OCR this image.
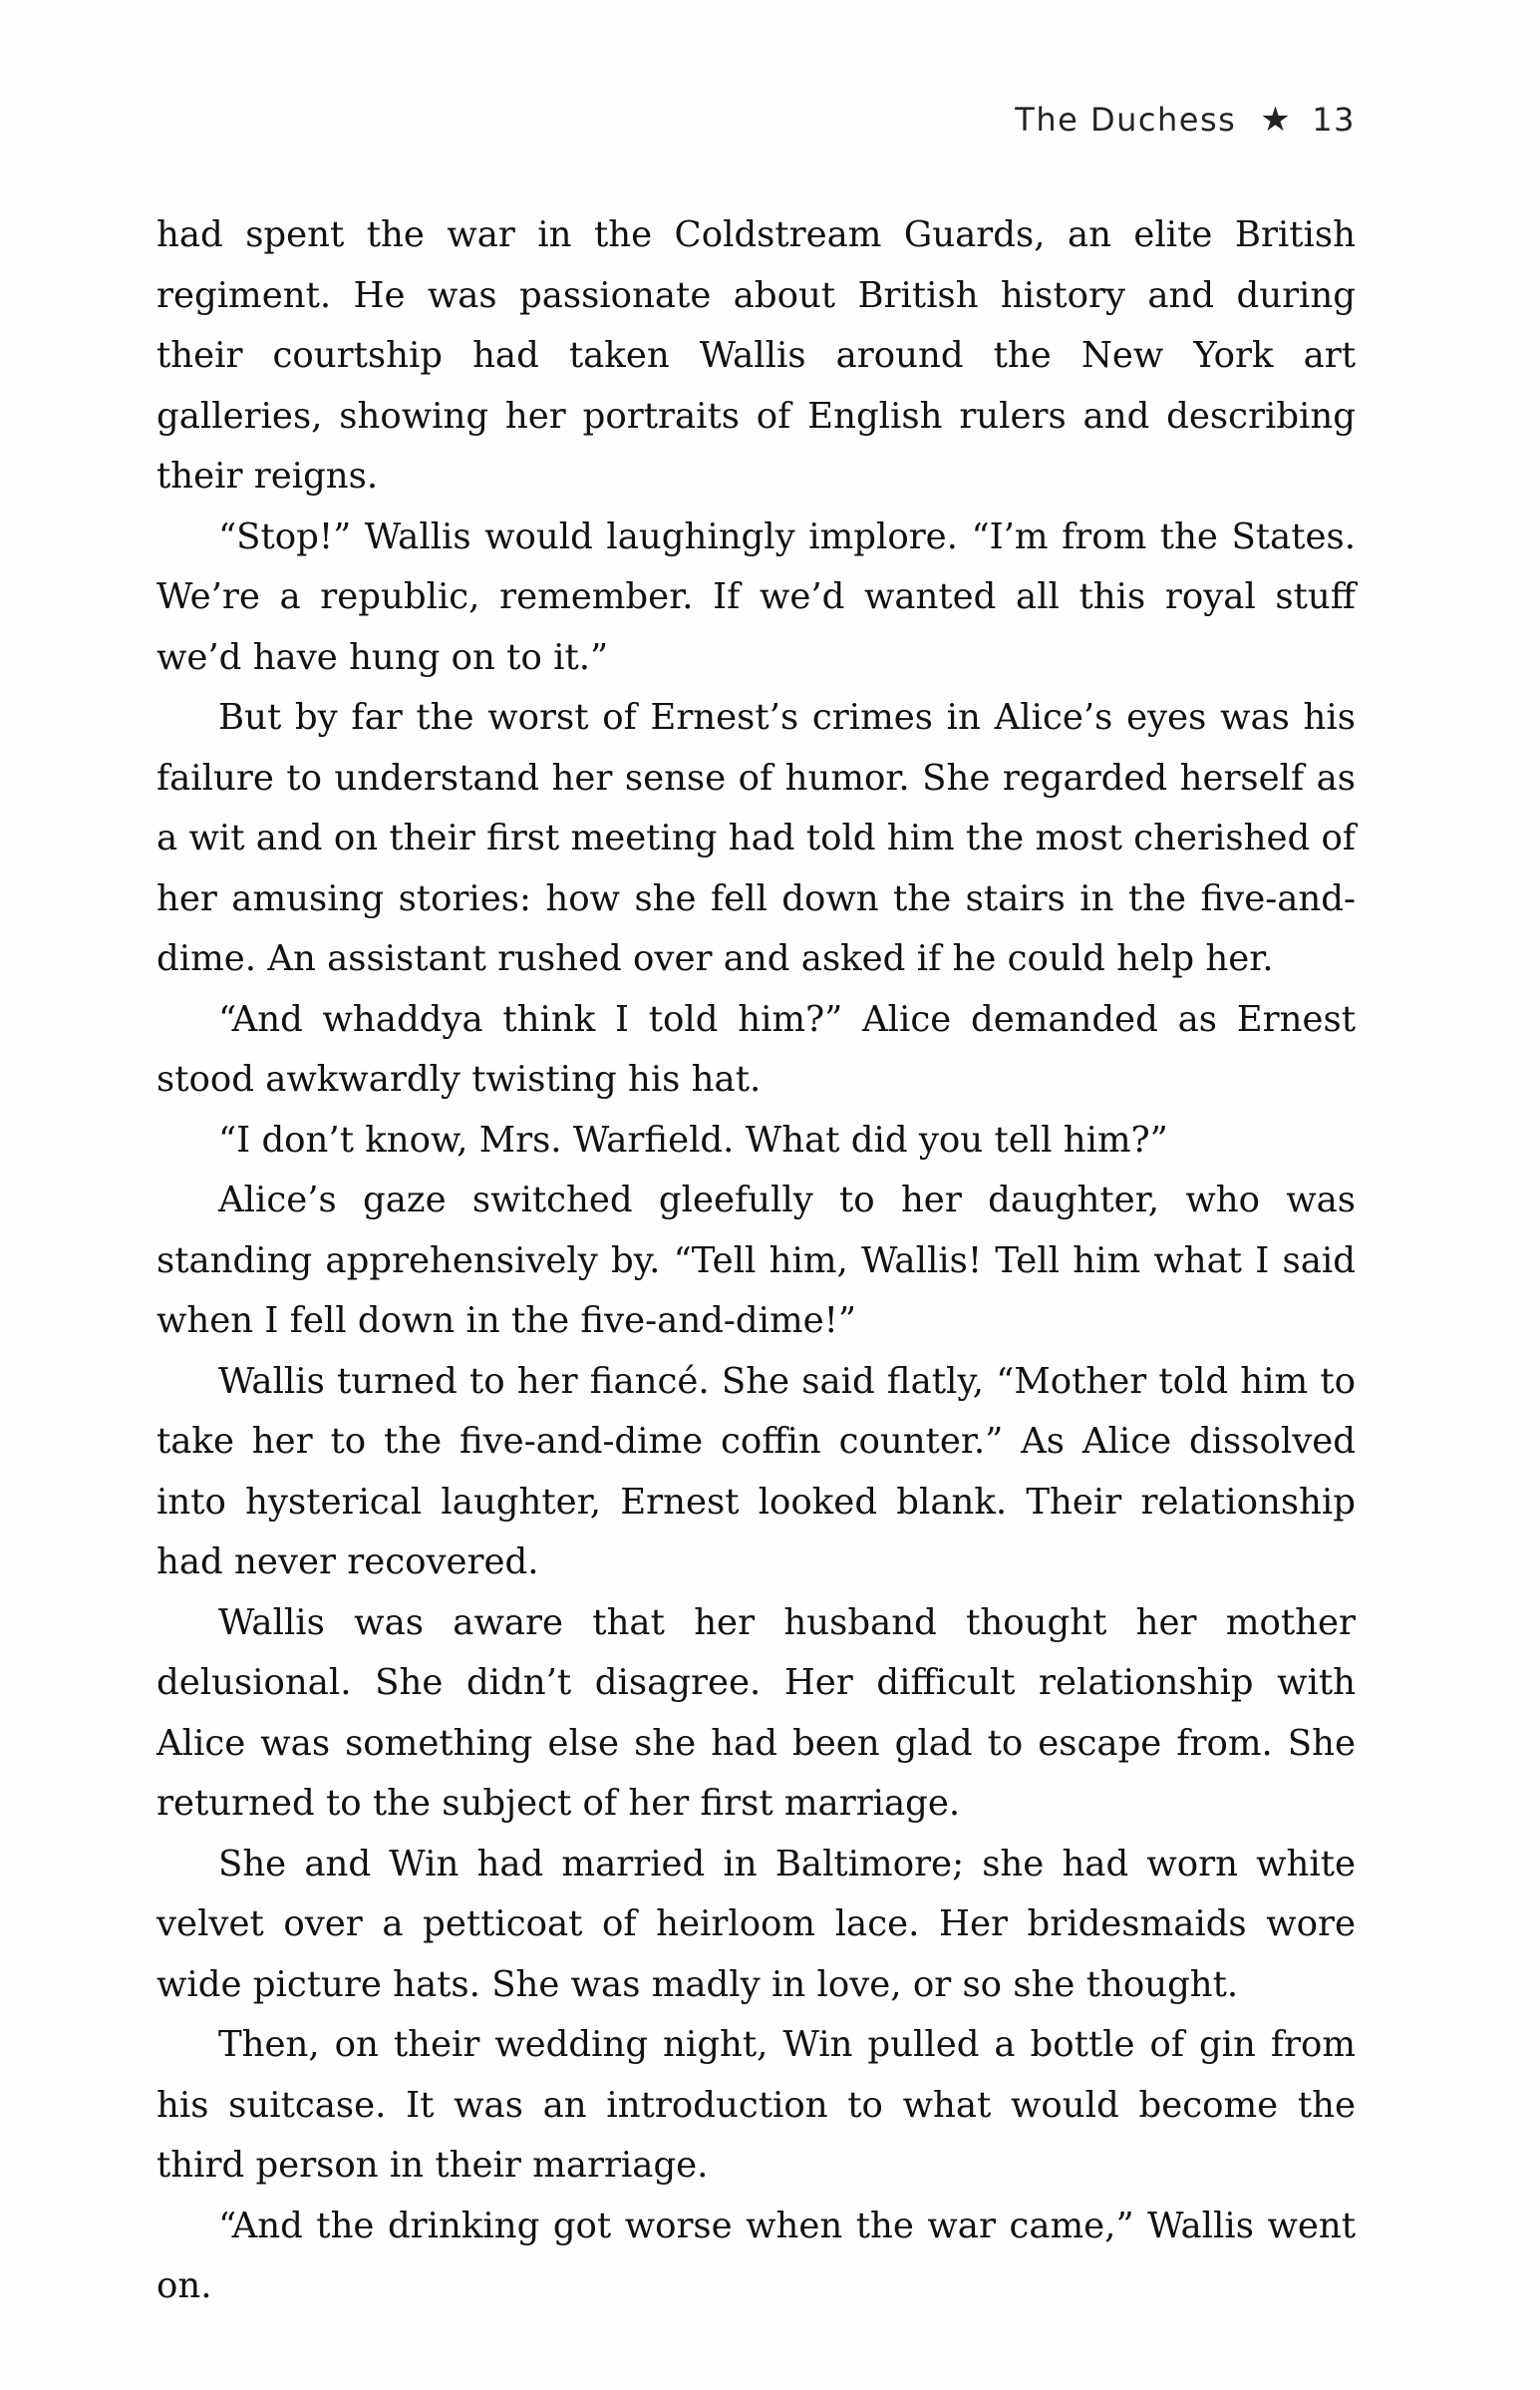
The Duchess ★ 13

had spent the war in the Coldstream Guards, an elite British regiment. He was passionate about British history and during their courtship had taken Wallis around the New York art galleries, showing her portraits of English rulers and describing their reigns.

“Stop!” Wallis would laughingly implore. “I’m from the States. We’re a republic, remember. If we’d wanted all this royal stuff we’d have hung on to it.”

But by far the worst of Ernest’s crimes in Alice’s eyes was his failure to understand her sense of humor. She regarded herself as a wit and on their first meeting had told him the most cherished of her amusing stories: how she fell down the stairs in the five-and-dime. An assistant rushed over and asked if he could help her.

“And whaddya think I told him?” Alice demanded as Ernest stood awkwardly twisting his hat.

“I don’t know, Mrs. Warfield. What did you tell him?”

Alice’s gaze switched gleefully to her daughter, who was standing apprehensively by. “Tell him, Wallis! Tell him what I said when I fell down in the five-and-dime!”

Wallis turned to her fiancé. She said flatly, “Mother told him to take her to the five-and-dime coffin counter.” As Alice dissolved into hysterical laughter, Ernest looked blank. Their relationship had never recovered.

Wallis was aware that her husband thought her mother delusional. She didn’t disagree. Her difficult relationship with Alice was something else she had been glad to escape from. She returned to the subject of her first marriage.

She and Win had married in Baltimore; she had worn white velvet over a petticoat of heirloom lace. Her bridesmaids wore wide picture hats. She was madly in love, or so she thought.

Then, on their wedding night, Win pulled a bottle of gin from his suitcase. It was an introduction to what would become the third person in their marriage.

“And the drinking got worse when the war came,” Wallis went on.
